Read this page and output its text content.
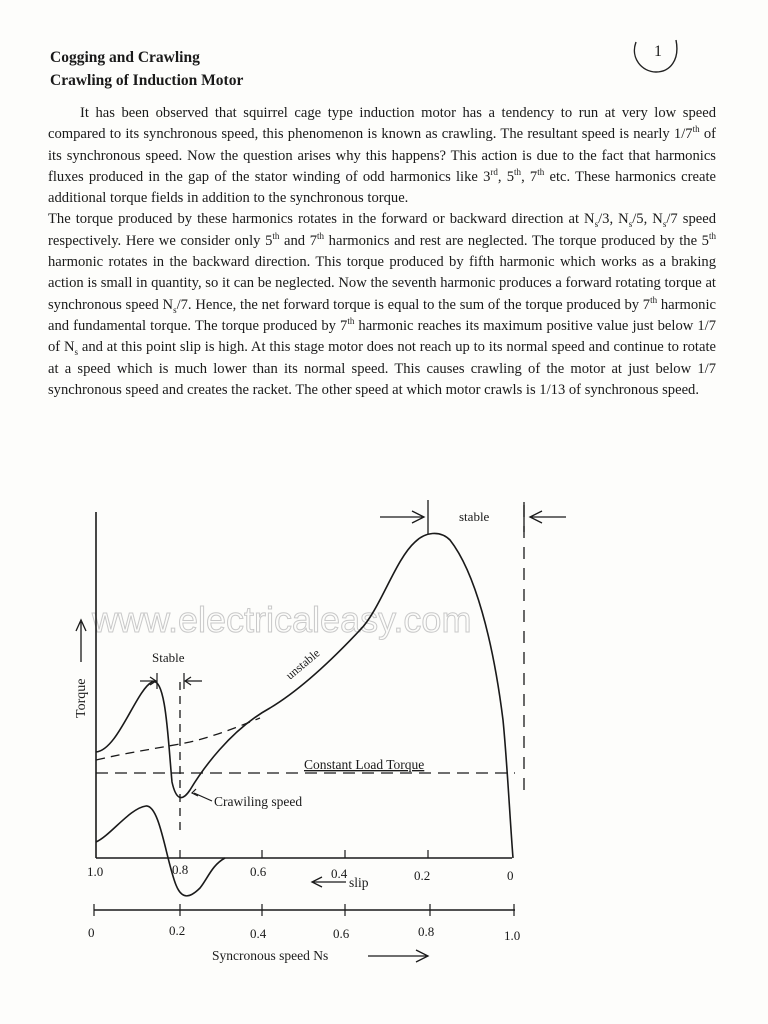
1
Cogging and Crawling
Crawling of Induction Motor

It has been observed that squirrel cage type induction motor has a tendency to run at very low speed compared to its synchronous speed, this phenomenon is known as crawling. The resultant speed is nearly 1/7th of its synchronous speed. Now the question arises why this happens? This action is due to the fact that harmonics fluxes produced in the gap of the stator winding of odd harmonics like 3rd, 5th, 7th etc. These harmonics create additional torque fields in addition to the synchronous torque.

The torque produced by these harmonics rotates in the forward or backward direction at $N_s/3$, $N_s/5$, $N_s/7$ speed respectively. Here we consider only 5th and 7th harmonics and rest are neglected. The torque produced by the 5th harmonic rotates in the backward direction. This torque produced by fifth harmonic which works as a braking action is small in quantity, so it can be neglected. Now the seventh harmonic produces a forward rotating torque at synchronous speed $N_s/7$. Hence, the net forward torque is equal to the sum of the torque produced by 7th harmonic and fundamental torque. The torque produced by 7th harmonic reaches its maximum positive value just below 1/7 of $N_s$ and at this point slip is high. At this stage motor does not reach up to its normal speed and continue to rotate at a speed which is much lower than its normal speed. This causes crawling of the motor at just below 1/7 synchronous speed and creates the racket. The other speed at which motor crawls is 1/13 of synchronous speed.

www.electricaleasy.com
Torque
Constant Load Torque
Stable
stable
unstable
Crawiling speed
1.0	0.8	0.6	0.4	0.2	0
slip
0	0.2	0.4	0.6	0.8	1.0
Syncronous speed Ns
